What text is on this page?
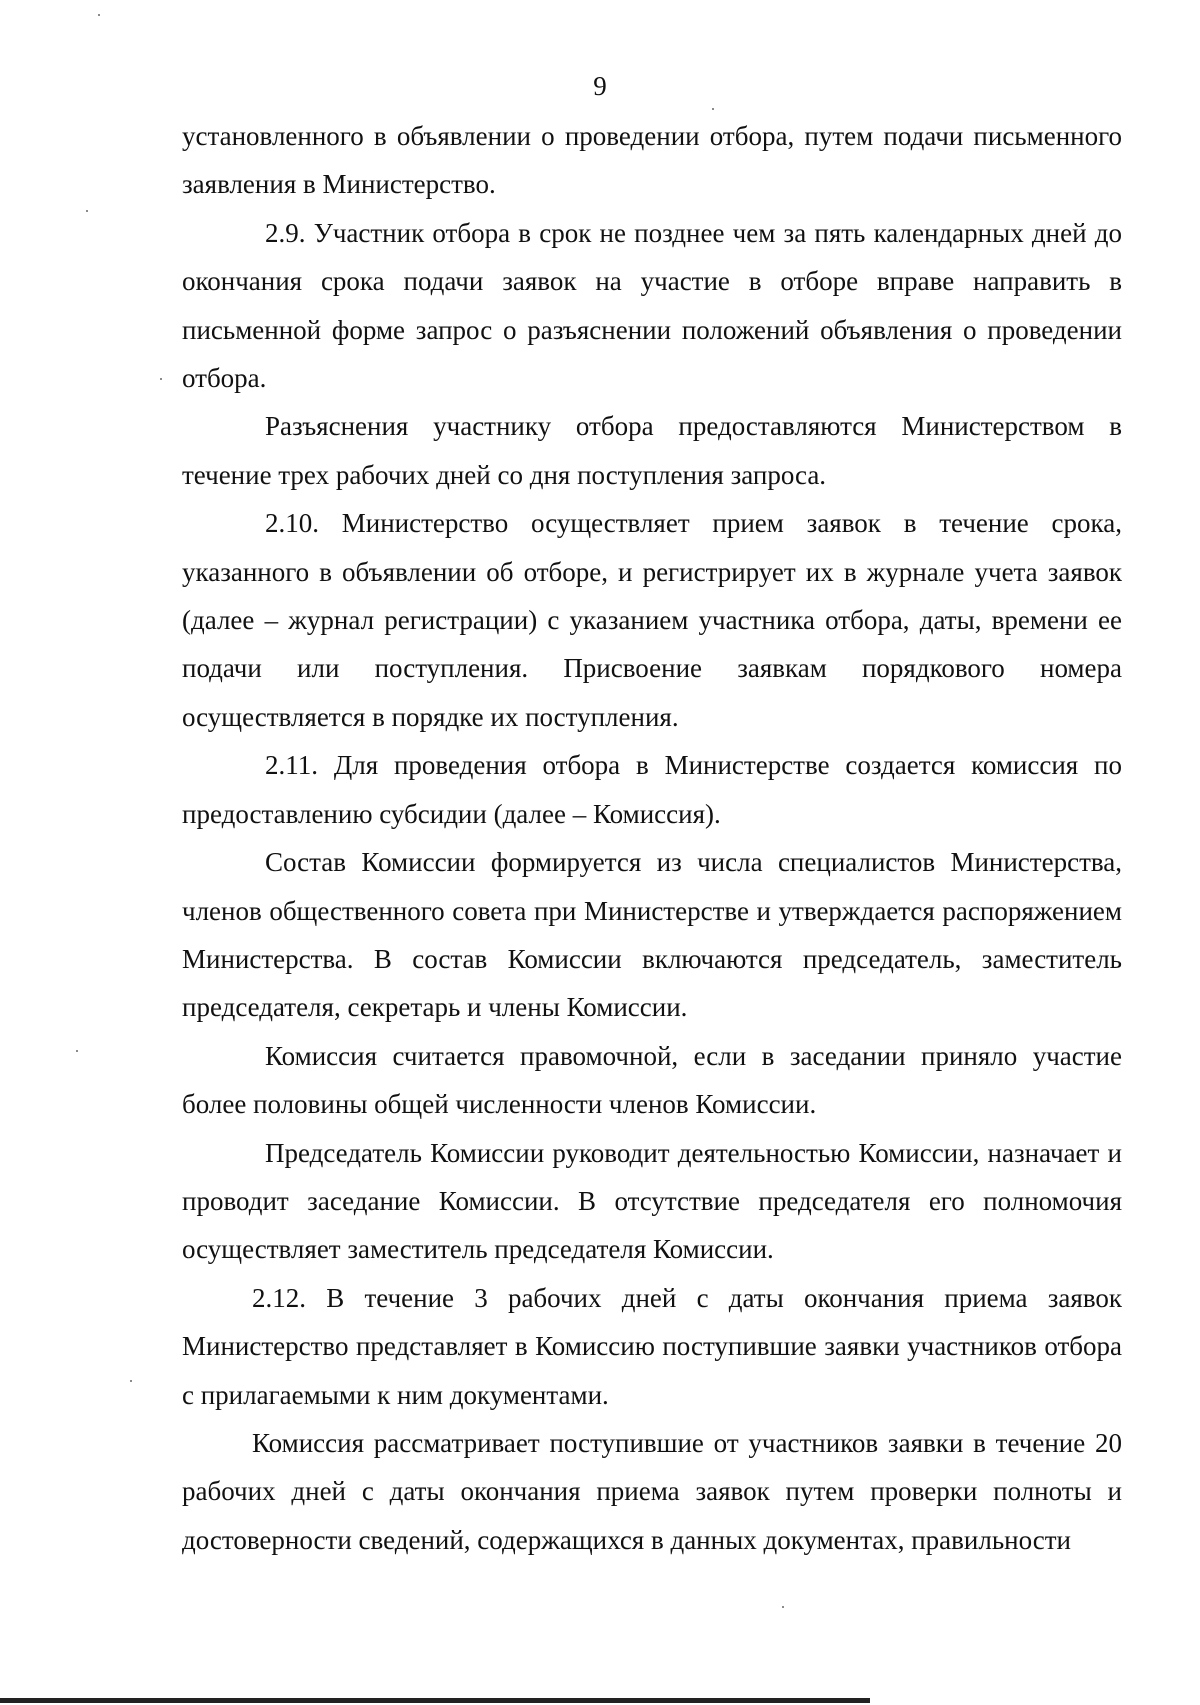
9

установленного в объявлении о проведении отбора, путем подачи письменного заявления в Министерство.

2.9. Участник отбора в срок не позднее чем за пять календарных дней до окончания срока подачи заявок на участие в отборе вправе направить в письменной форме запрос о разъяснении положений объявления о проведении отбора.

Разъяснения участнику отбора предоставляются Министерством в течение трех рабочих дней со дня поступления запроса.

2.10. Министерство осуществляет прием заявок в течение срока, указанного в объявлении об отборе, и регистрирует их в журнале учета заявок (далее – журнал регистрации) с указанием участника отбора, даты, времени ее подачи или поступления. Присвоение заявкам порядкового номера осуществляется в порядке их поступления.

2.11. Для проведения отбора в Министерстве создается комиссия по предоставлению субсидии (далее – Комиссия).

Состав Комиссии формируется из числа специалистов Министерства, членов общественного совета при Министерстве и утверждается распоряжением Министерства. В состав Комиссии включаются председатель, заместитель председателя, секретарь и члены Комиссии.

Комиссия считается правомочной, если в заседании приняло участие более половины общей численности членов Комиссии.

Председатель Комиссии руководит деятельностью Комиссии, назначает и проводит заседание Комиссии. В отсутствие председателя его полномочия осуществляет заместитель председателя Комиссии.

2.12. В течение 3 рабочих дней с даты окончания приема заявок Министерство представляет в Комиссию поступившие заявки участников отбора с прилагаемыми к ним документами.

Комиссия рассматривает поступившие от участников заявки в течение 20 рабочих дней с даты окончания приема заявок путем проверки полноты и достоверности сведений, содержащихся в данных документах, правильности
